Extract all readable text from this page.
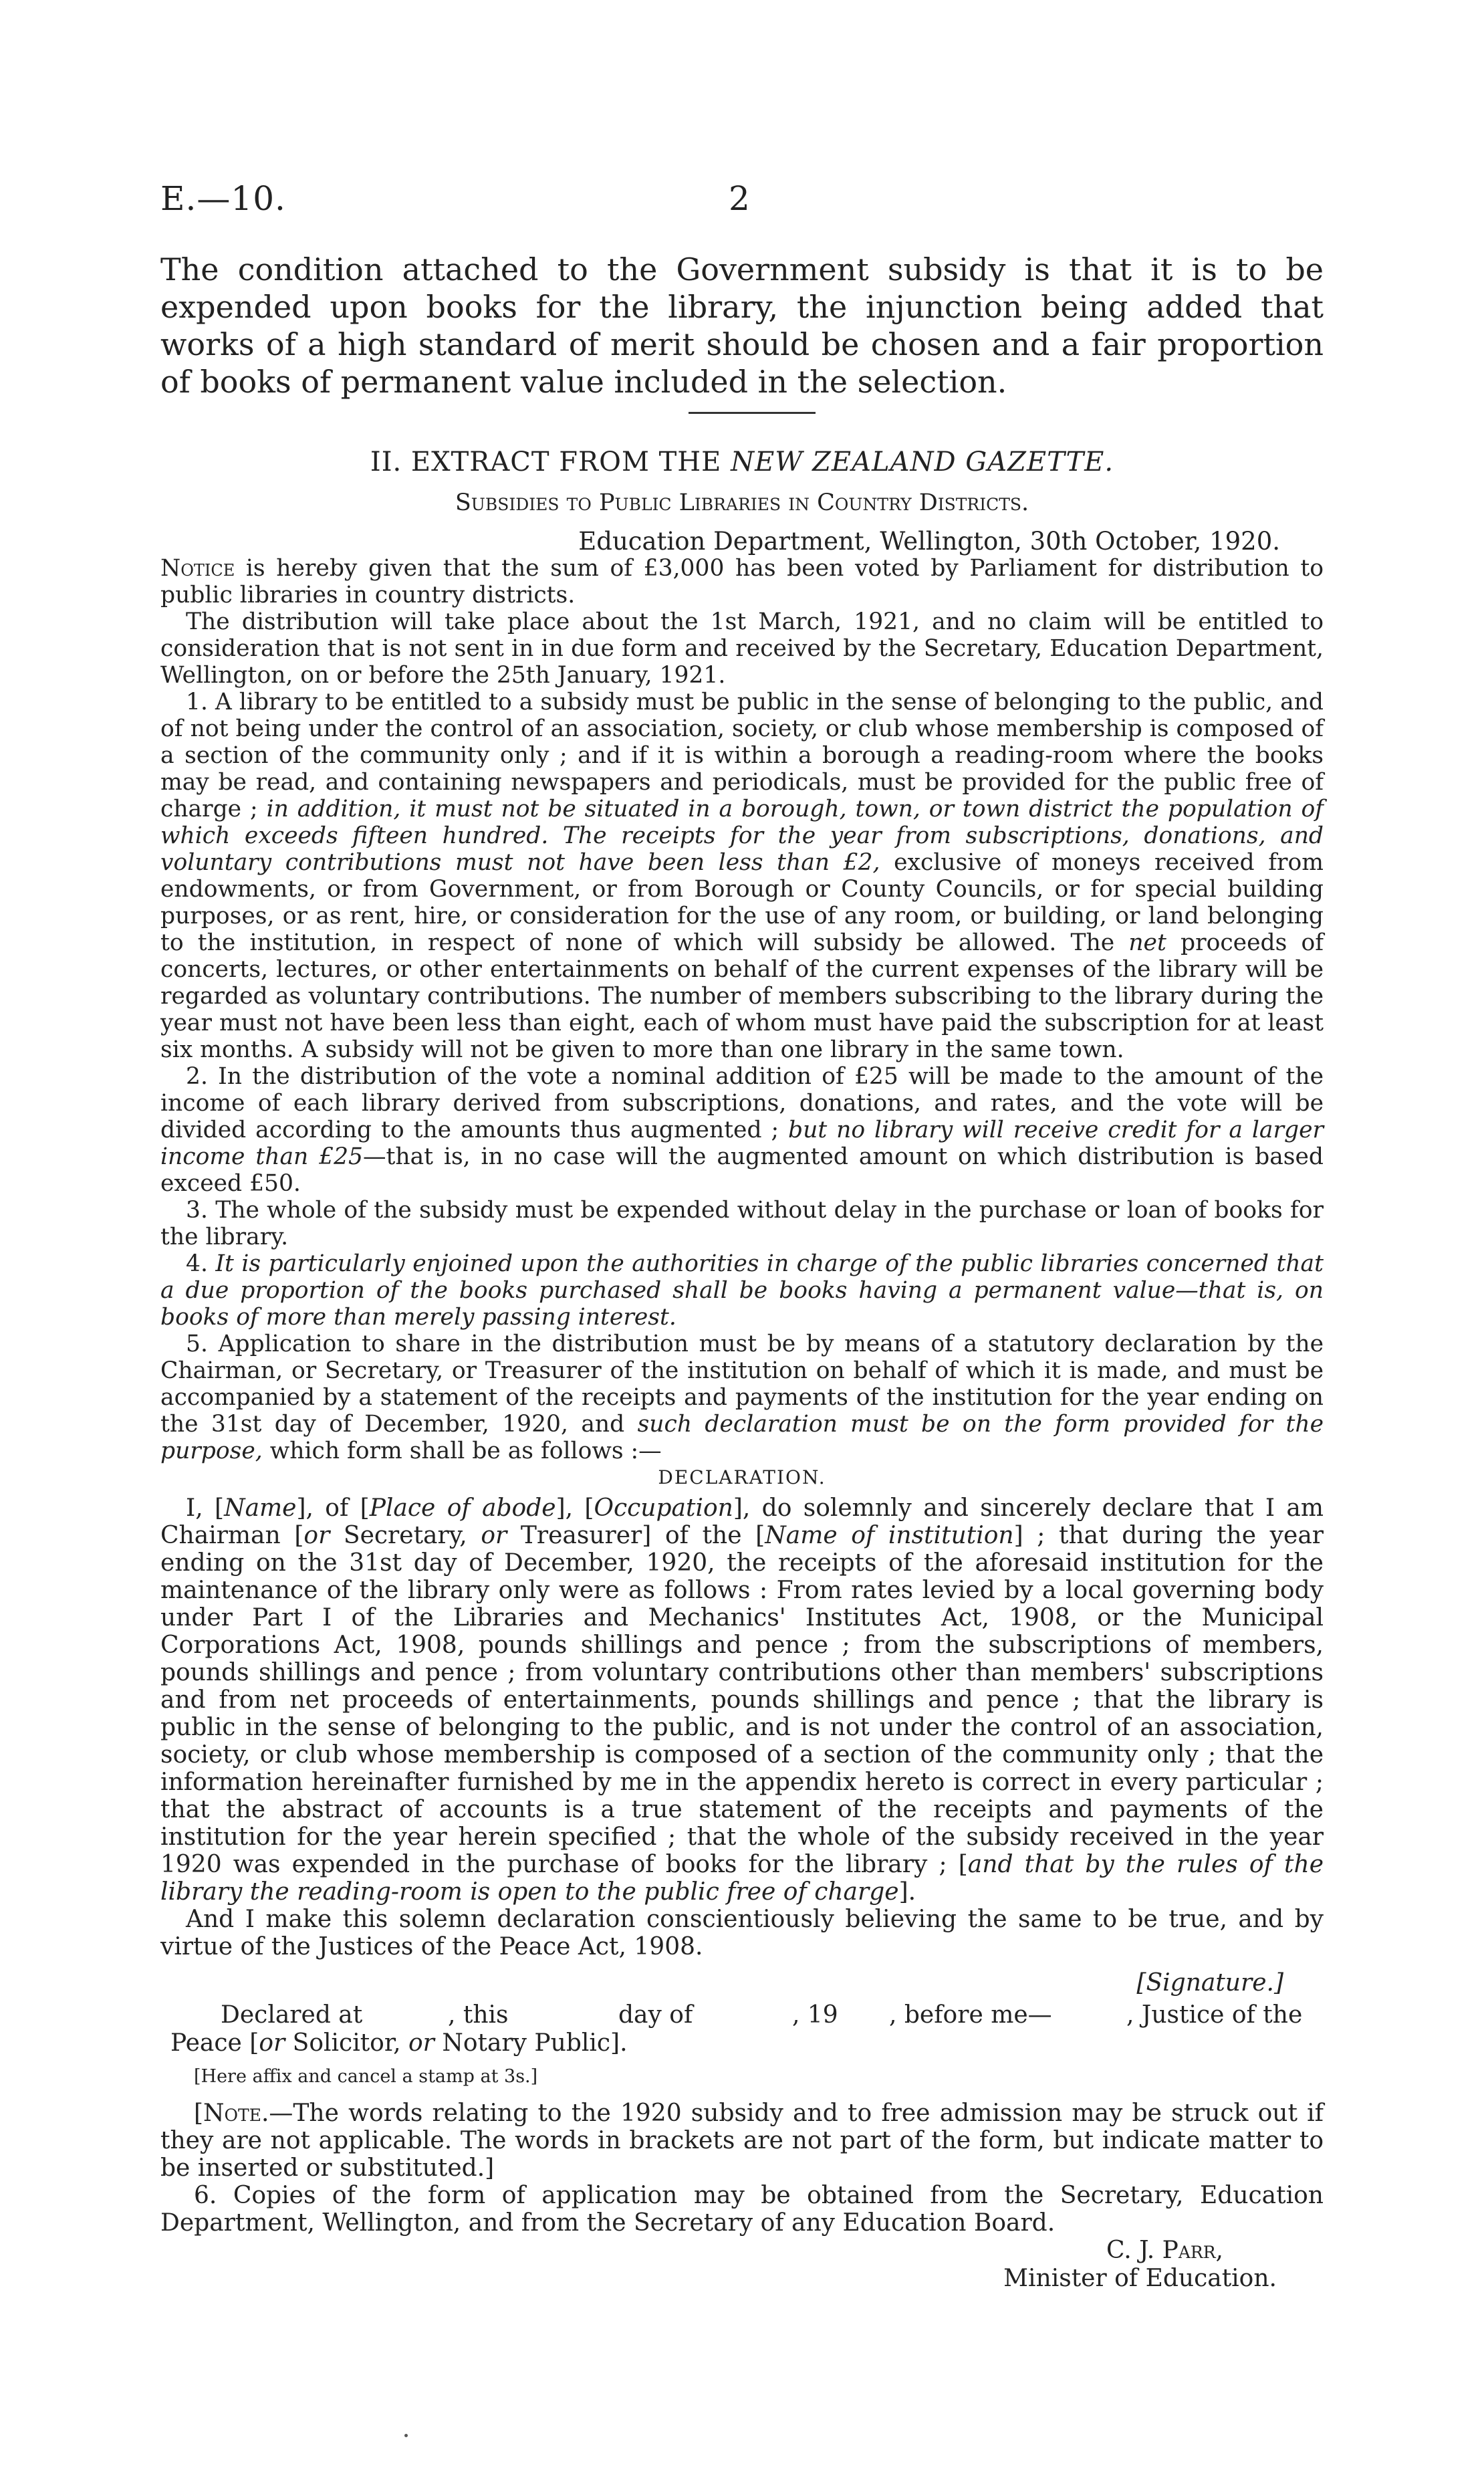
E.—10.	2
The condition attached to the Government subsidy is that it is to be expended upon books for the library, the injunction being added that works of a high standard of merit should be chosen and a fair proportion of books of permanent value included in the selection.
II. EXTRACT FROM THE NEW ZEALAND GAZETTE.
Subsidies to Public Libraries in Country Districts.
Education Department, Wellington, 30th October, 1920.

Notice is hereby given that the sum of £3,000 has been voted by Parliament for distribution to public libraries in country districts.

The distribution will take place about the 1st March, 1921, and no claim will be entitled to consideration that is not sent in in due form and received by the Secretary, Education Department, Wellington, on or before the 25th January, 1921.

1. A library to be entitled to a subsidy must be public in the sense of belonging to the public, and of not being under the control of an association, society, or club whose membership is composed of a section of the community only ; and if it is within a borough a reading-room where the books may be read, and containing newspapers and periodicals, must be provided for the public free of charge ; in addition, it must not be situated in a borough, town, or town district the population of which exceeds fifteen hundred. The receipts for the year from subscriptions, donations, and voluntary contributions must not have been less than £2, exclusive of moneys received from endowments, or from Government, or from Borough or County Councils, or for special building purposes, or as rent, hire, or consideration for the use of any room, or building, or land belonging to the institution, in respect of none of which will subsidy be allowed. The net proceeds of concerts, lectures, or other entertainments on behalf of the current expenses of the library will be regarded as voluntary contributions. The number of members subscribing to the library during the year must not have been less than eight, each of whom must have paid the subscription for at least six months. A subsidy will not be given to more than one library in the same town.

2. In the distribution of the vote a nominal addition of £25 will be made to the amount of the income of each library derived from subscriptions, donations, and rates, and the vote will be divided according to the amounts thus augmented ; but no library will receive credit for a larger income than £25—that is, in no case will the augmented amount on which distribution is based exceed £50.

3. The whole of the subsidy must be expended without delay in the purchase or loan of books for the library.

4. It is particularly enjoined upon the authorities in charge of the public libraries concerned that a due proportion of the books purchased shall be books having a permanent value—that is, on books of more than merely passing interest.

5. Application to share in the distribution must be by means of a statutory declaration by the Chairman, or Secretary, or Treasurer of the institution on behalf of which it is made, and must be accompanied by a statement of the receipts and payments of the institution for the year ending on the 31st day of December, 1920, and such declaration must be on the form provided for the purpose, which form shall be as follows :—

DECLARATION.

I, [Name], of [Place of abode], [Occupation], do solemnly and sincerely declare that I am Chairman [or Secretary, or Treasurer] of the [Name of institution] ; that during the year ending on the 31st day of December, 1920, the receipts of the aforesaid institution for the maintenance of the library only were as follows : From rates levied by a local governing body under Part I of the Libraries and Mechanics' Institutes Act, 1908, or the Municipal Corporations Act, 1908, pounds shillings and pence ; from the subscriptions of members, pounds shillings and pence ; from voluntary contributions other than members' subscriptions and from net proceeds of entertainments, pounds shillings and pence ; that the library is public in the sense of belonging to the public, and is not under the control of an association, society, or club whose membership is composed of a section of the community only ; that the information hereinafter furnished by me in the appendix hereto is correct in every particular ; that the abstract of accounts is a true statement of the receipts and payments of the institution for the year herein specified ; that the whole of the subsidy received in the year 1920 was expended in the purchase of books for the library ; [and that by the rules of the library the reading-room is open to the public free of charge].

And I make this solemn declaration conscientiously believing the same to be true, and by virtue of the Justices of the Peace Act, 1908.

[Signature.]
Declared at	, this	day of	, 19 , before me—	, Justice of the
Peace [or Solicitor, or Notary Public].
[Here affix and cancel a stamp at 3s.]
[Note.—The words relating to the 1920 subsidy and to free admission may be struck out if they are not applicable. The words in brackets are not part of the form, but indicate matter to be inserted or substituted.]
6. Copies of the form of application may be obtained from the Secretary, Education Department, Wellington, and from the Secretary of any Education Board.
C. J. Parr,
Minister of Education.
